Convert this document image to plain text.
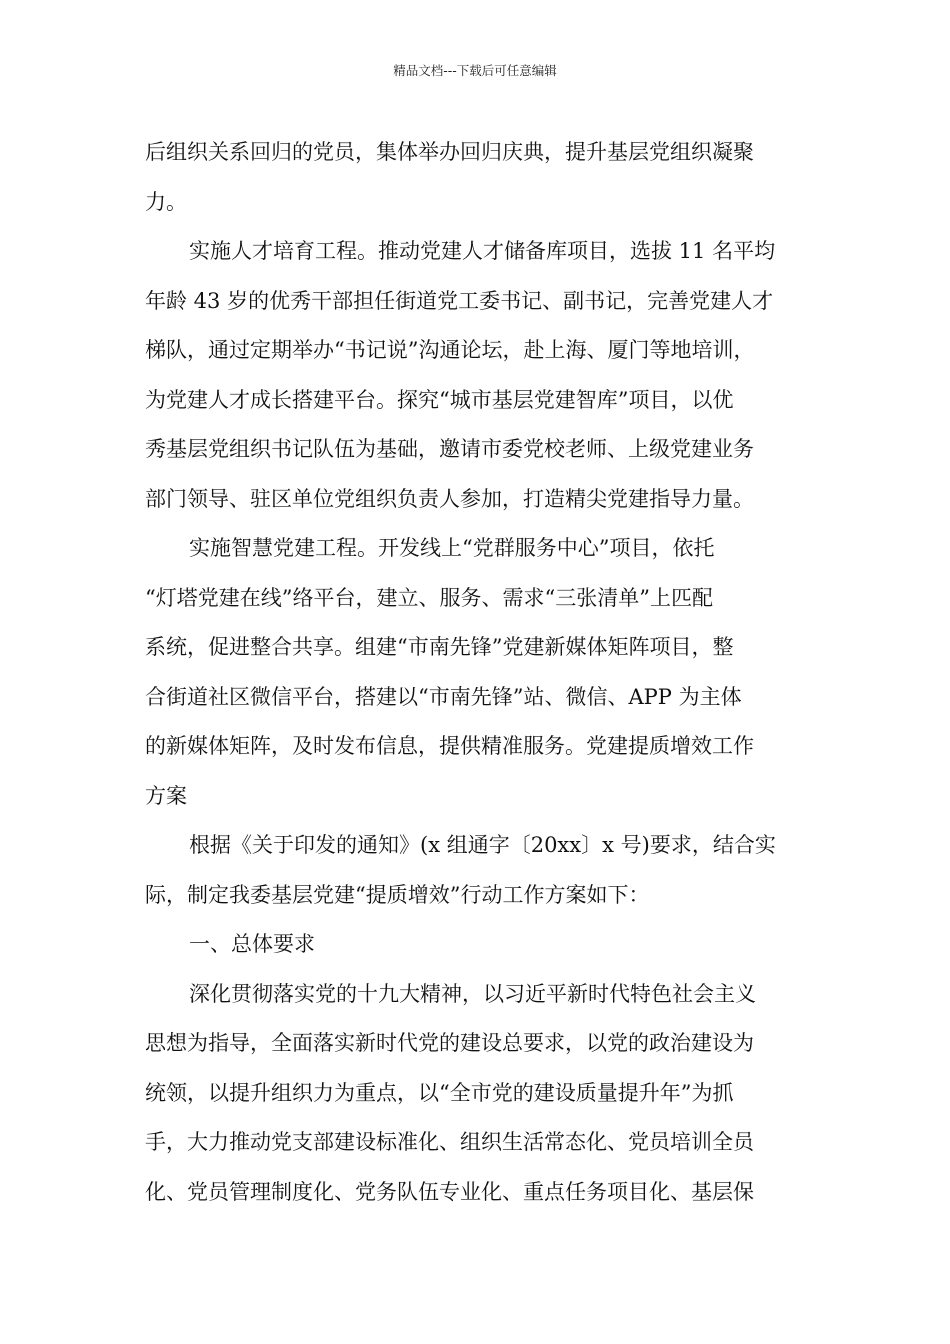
精品文档---下载后可任意编辑
后组织关系回归的党员，集体举办回归庆典，提升基层党组织凝聚
力。
实施人才培育工程。推动党建人才储备库项目，选拔 11 名平均
年龄 43 岁的优秀干部担任街道党工委书记、副书记，完善党建人才
梯队，通过定期举办“书记说”沟通论坛，赴上海、厦门等地培训，
为党建人才成长搭建平台。探究“城市基层党建智库”项目，以优
秀基层党组织书记队伍为基础，邀请市委党校老师、上级党建业务
部门领导、驻区单位党组织负责人参加，打造精尖党建指导力量。
实施智慧党建工程。开发线上“党群服务中心”项目，依托
“灯塔党建在线”络平台，建立、服务、需求“三张清单”上匹配
系统，促进整合共享。组建“市南先锋”党建新媒体矩阵项目，整
合街道社区微信平台，搭建以“市南先锋”站、微信、APP 为主体
的新媒体矩阵，及时发布信息，提供精准服务。党建提质增效工作
方案
根据《关于印发的通知》(x 组通字〔20xx〕x 号)要求，结合实
际，制定我委基层党建“提质增效”行动工作方案如下：
一、总体要求
深化贯彻落实党的十九大精神，以习近平新时代特色社会主义
思想为指导，全面落实新时代党的建设总要求，以党的政治建设为
统领，以提升组织力为重点，以“全市党的建设质量提升年”为抓
手，大力推动党支部建设标准化、组织生活常态化、党员培训全员
化、党员管理制度化、党务队伍专业化、重点任务项目化、基层保
